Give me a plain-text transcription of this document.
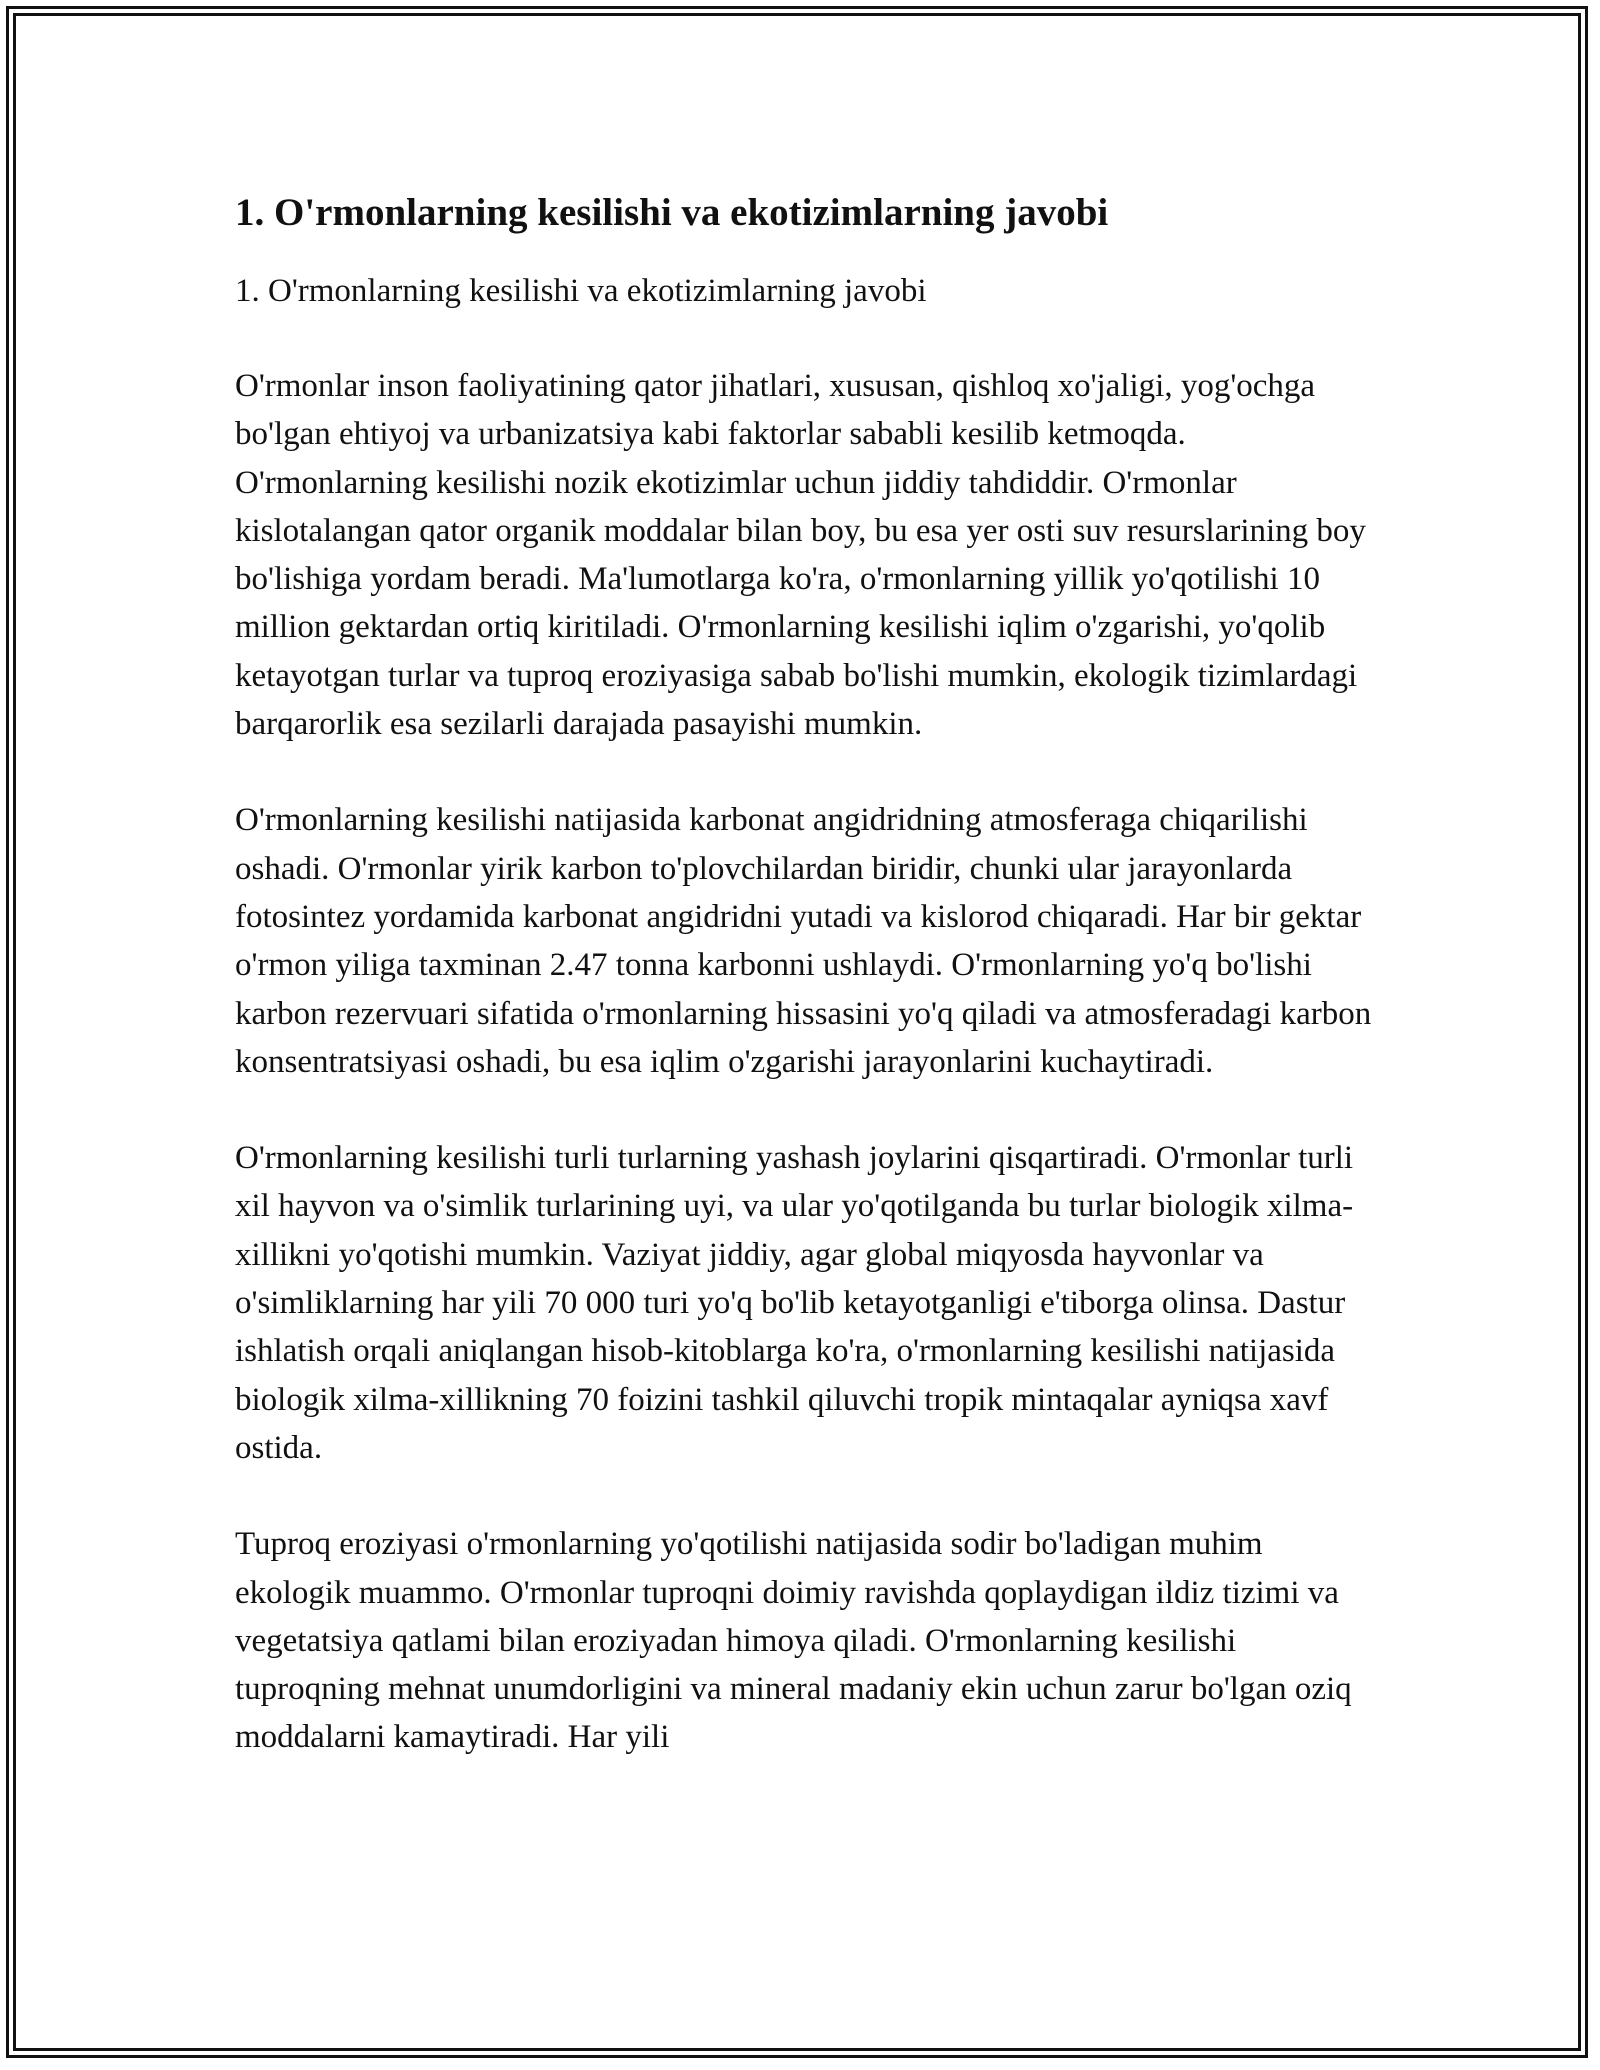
1. O'rmonlarning kesilishi va ekotizimlarning javobi

1. O'rmonlarning kesilishi va ekotizimlarning javobi

O'rmonlar inson faoliyatining qator jihatlari, xususan, qishloq xo'jaligi, yog'ochga bo'lgan ehtiyoj va urbanizatsiya kabi faktorlar sababli kesilib ketmoqda. O'rmonlarning kesilishi nozik ekotizimlar uchun jiddiy tahdiddir. O'rmonlar kislotalangan qator organik moddalar bilan boy, bu esa yer osti suv resurslarining boy bo'lishiga yordam beradi. Ma'lumotlarga ko'ra, o'rmonlarning yillik yo'qotilishi 10 million gektardan ortiq kiritiladi. O'rmonlarning kesilishi iqlim o'zgarishi, yo'qolib ketayotgan turlar va tuproq eroziyasiga sabab bo'lishi mumkin, ekologik tizimlardagi barqarorlik esa sezilarli darajada pasayishi mumkin.

O'rmonlarning kesilishi natijasida karbonat angidridning atmosferaga chiqarilishi oshadi. O'rmonlar yirik karbon to'plovchilardan biridir, chunki ular jarayonlarda fotosintez yordamida karbonat angidridni yutadi va kislorod chiqaradi. Har bir gektar o'rmon yiliga taxminan 2.47 tonna karbonni ushlaydi. O'rmonlarning yo'q bo'lishi karbon rezervuari sifatida o'rmonlarning hissasini yo'q qiladi va atmosferadagi karbon konsentratsiyasi oshadi, bu esa iqlim o'zgarishi jarayonlarini kuchaytiradi.

O'rmonlarning kesilishi turli turlarning yashash joylarini qisqartiradi. O'rmonlar turli xil hayvon va o'simlik turlarining uyi, va ular yo'qotilganda bu turlar biologik xilma-xillikni yo'qotishi mumkin. Vaziyat jiddiy, agar global miqyosda hayvonlar va o'simliklarning har yili 70 000 turi yo'q bo'lib ketayotganligi e'tiborga olinsa. Dastur ishlatish orqali aniqlangan hisob-kitoblarga ko'ra, o'rmonlarning kesilishi natijasida biologik xilma-xillikning 70 foizini tashkil qiluvchi tropik mintaqalar ayniqsa xavf ostida.

Tuproq eroziyasi o'rmonlarning yo'qotilishi natijasida sodir bo'ladigan muhim ekologik muammo. O'rmonlar tuproqni doimiy ravishda qoplaydigan ildiz tizimi va vegetatsiya qatlami bilan eroziyadan himoya qiladi. O'rmonlarning kesilishi tuproqning mehnat unumdorligini va mineral madaniy ekin uchun zarur bo'lgan oziq moddalarni kamaytiradi. Har yili
